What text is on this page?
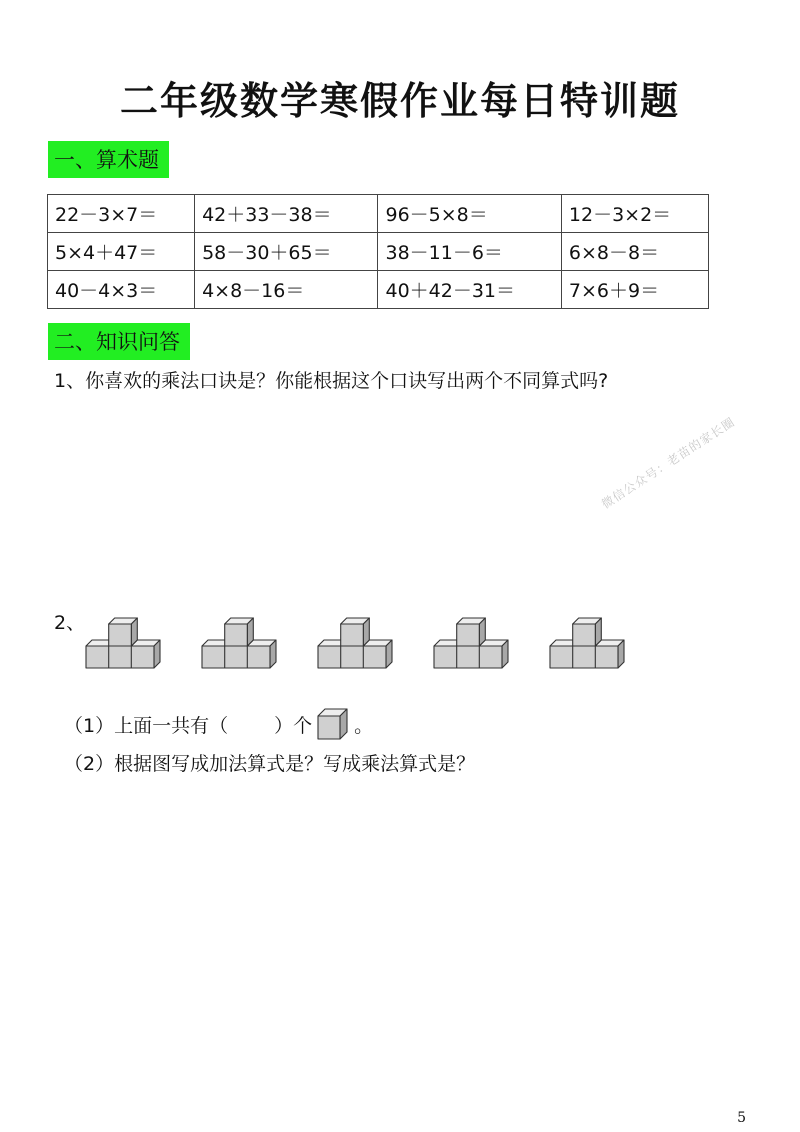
二年级数学寒假作业每日特训题
一、算术题
22－3×7＝	42＋33－38＝	96－5×8＝	12－3×2＝
5×4＋47＝	58－30＋65＝	38－11－6＝	6×8－8＝
40－4×3＝	4×8－16＝	40＋42－31＝	7×6＋9＝
二、知识问答
1、你喜欢的乘法口诀是？你能根据这个口诀写出两个不同算式吗?
2、
（1）上面一共有（ ）个 。
（2）根据图写成加法算式是？写成乘法算式是？
微信公众号：老苗的家长圈
5
